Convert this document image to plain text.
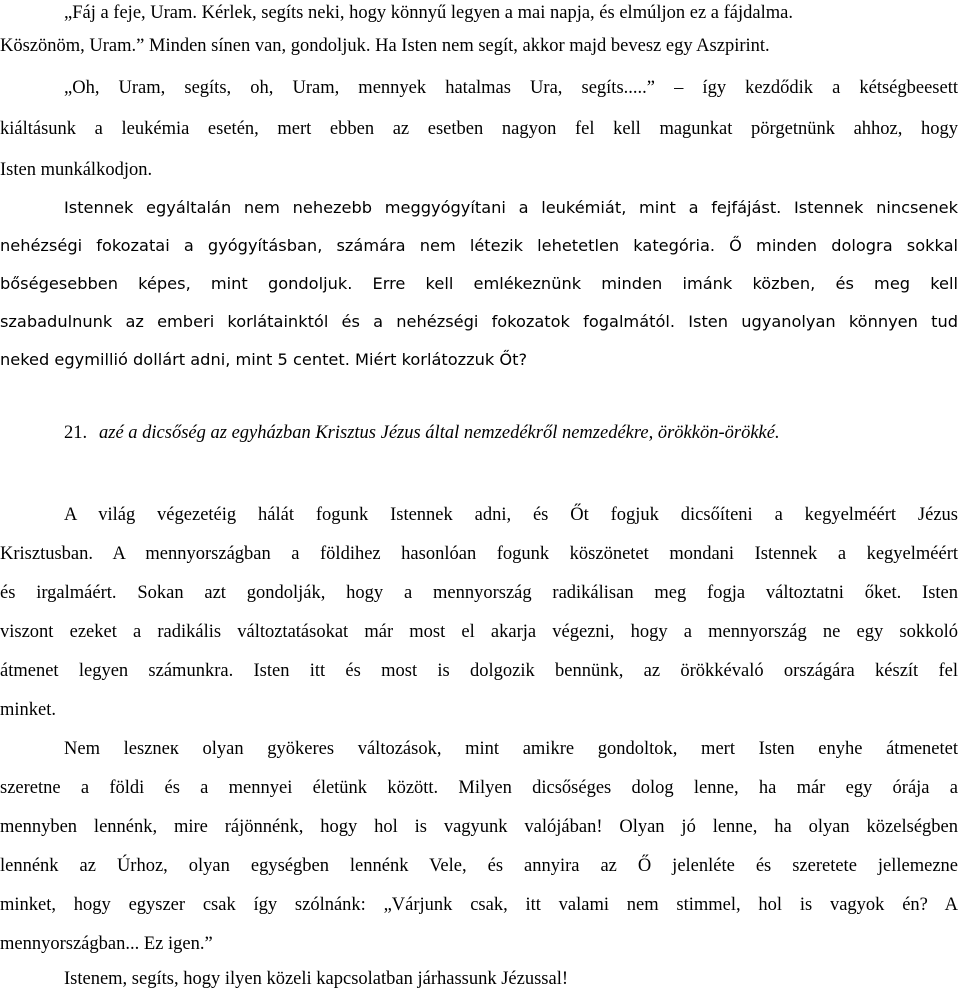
„Fáj a feje, Uram. Kérlek, segíts neki, hogy könnyű legyen a mai napja, és elmúljon ez a fájdalma.
Köszönöm, Uram.” Minden sínen van, gondoljuk. Ha Isten nem segít, akkor majd bevesz egy Aszpirint.
„Oh, Uram, segíts, oh, Uram, mennyek hatalmas Ura, segíts.....” – így kezdődik a kétségbeesett
kiáltásunk a leukémia esetén, mert ebben az esetben nagyon fel kell magunkat pörgetnünk ahhoz, hogy
Isten munkálkodjon.
Istennek egyáltalán nem nehezebb meggyógyítani a leukémiát, mint a fejfájást. Istennek nincsenek
nehézségi fokozatai a gyógyításban, számára nem létezik lehetetlen kategória. Ő minden dologra sokkal
bőségesebben képes, mint gondoljuk. Erre kell emlékeznünk minden imánk közben, és meg kell
szabadulnunk az emberi korlátainktól és a nehézségi fokozatok fogalmától. Isten ugyanolyan könnyen tud
neked egymillió dollárt adni, mint 5 centet. Miért korlátozzuk Őt?
21. azé a dicsőség az egyházban Krisztus Jézus által nemzedékről nemzedékre, örökkön-örökké.
A világ végezetéig hálát fogunk Istennek adni, és Őt fogjuk dicsőíteni a kegyelméért Jézus
Krisztusban. A mennyországban a földihez hasonlóan fogunk köszönetet mondani Istennek a kegyelméért
és irgalmáért. Sokan azt gondolják, hogy a mennyország radikálisan meg fogja változtatni őket. Isten
viszont ezeket a radikális változtatásokat már most el akarja végezni, hogy a mennyország ne egy sokkoló
átmenet legyen számunkra. Isten itt és most is dolgozik bennünk, az örökkévaló országára készít fel
minket.
Nem leszneк olyan gyökeres változások, mint amikre gondoltok, mert Isten enyhe átmenetet
szeretne a földi és a mennyei életünk között. Milyen dicsőséges dolog lenne, ha már egy órája a
mennyben lennénk, mire rájönnénk, hogy hol is vagyunk valójában! Olyan jó lenne, ha olyan közelségben
lennénk az Úrhoz, olyan egységben lennénk Vele, és annyira az Ő jelenléte és szeretete jellemezne
minket, hogy egyszer csak így szólnánk: „Várjunk csak, itt valami nem stimmel, hol is vagyok én? A
mennyországban... Ez igen.”
Istenem, segíts, hogy ilyen közeli kapcsolatban járhassunk Jézussal!
